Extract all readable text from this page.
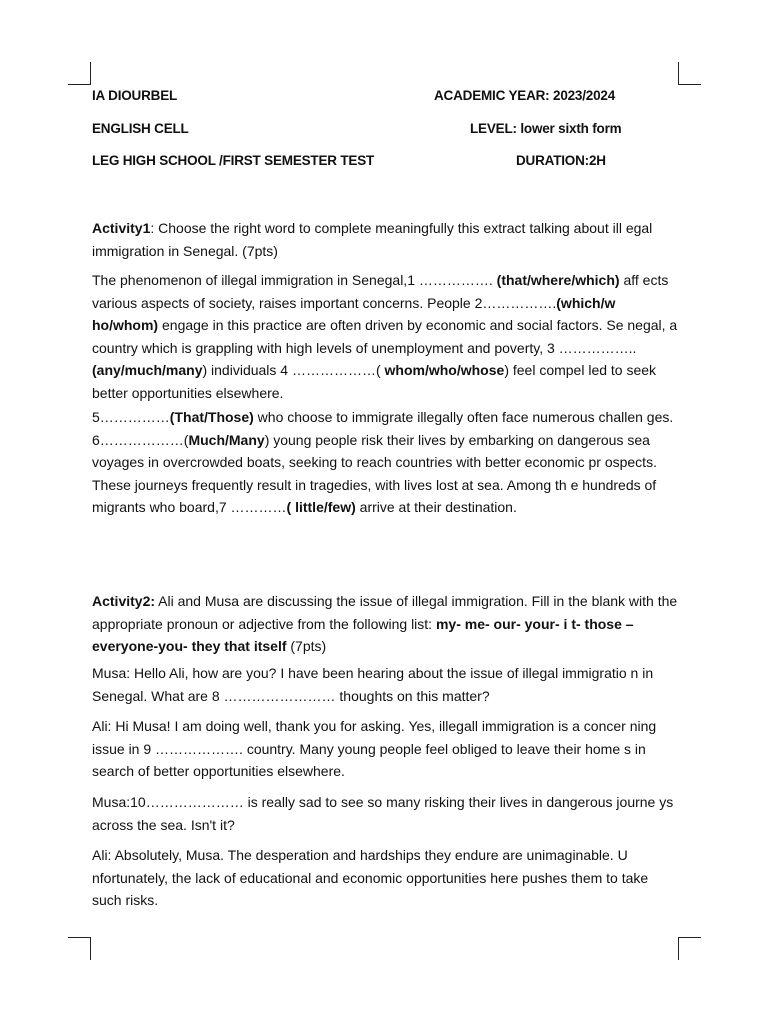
IA DIOURBEL	ACADEMIC YEAR: 2023/2024
ENGLISH CELL	LEVEL: lower sixth form
LEG HIGH SCHOOL /FIRST SEMESTER TEST	DURATION:2H
Activity1: Choose the right word to complete meaningfully this extract talking about ill egal immigration in Senegal. (7pts)
The phenomenon of illegal immigration in Senegal,1 ……………. (that/where/which) aff ects various aspects of society, raises important concerns. People 2…………….(which/w ho/whom) engage in this practice are often driven by economic and social factors. Se negal, a country which is grappling with high levels of unemployment and poverty, 3 ……………..(any/much/many) individuals 4 ………………( whom/who/whose) feel compel led to seek better opportunities elsewhere.
5……………(That/Those) who choose to immigrate illegally often face numerous challen ges. 6………………(Much/Many) young people risk their lives by embarking on dangerous sea voyages in overcrowded boats, seeking to reach countries with better economic pr ospects. These journeys frequently result in tragedies, with lives lost at sea. Among th e hundreds of migrants who board,7 …………( little/few) arrive at their destination.
Activity2: Ali and Musa are discussing the issue of illegal immigration. Fill in the blank with the appropriate pronoun or adjective from the following list: my- me- our- your- i t- those – everyone-you- they that itself (7pts)
Musa: Hello Ali, how are you? I have been hearing about the issue of illegal immigratio n in Senegal. What are 8 …………………… thoughts on this matter?
Ali: Hi Musa! I am doing well, thank you for asking. Yes, illegall immigration is a concer ning issue in 9 ………………. country. Many young people feel obliged to leave their home s in search of better opportunities elsewhere.
Musa:10………………… is really sad to see so many risking their lives in dangerous journe ys across the sea. Isn't it?
Ali: Absolutely, Musa. The desperation and hardships they endure are unimaginable. U nfortunately, the lack of educational and economic opportunities here pushes them to take such risks.
